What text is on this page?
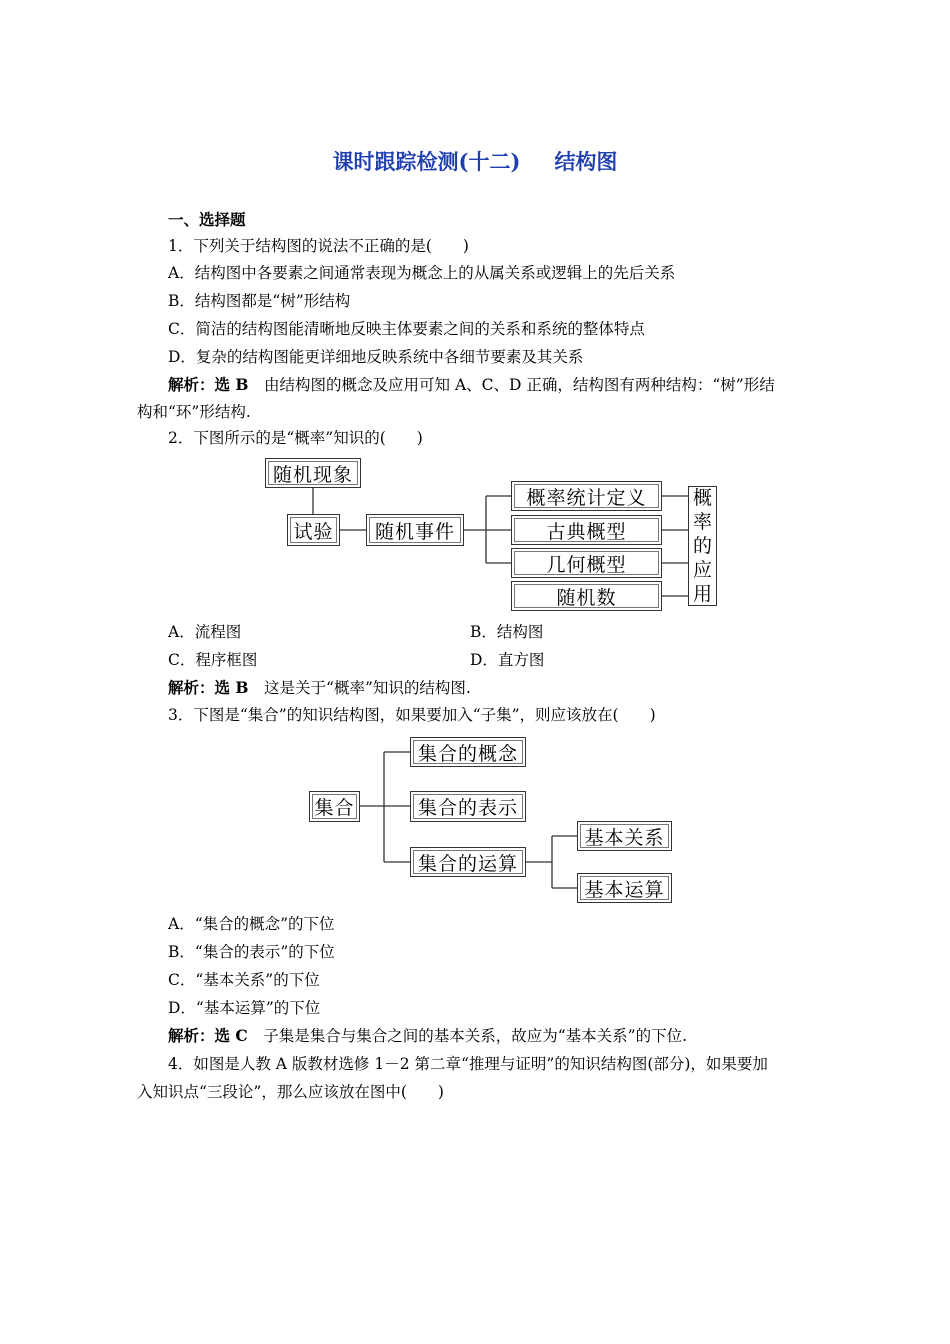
课时跟踪检测(十二) 结构图
一、选择题
1．下列关于结构图的说法不正确的是(　　)
A．结构图中各要素之间通常表现为概念上的从属关系或逻辑上的先后关系
B．结构图都是“树”形结构
C．简洁的结构图能清晰地反映主体要素之间的关系和系统的整体特点
D．复杂的结构图能更详细地反映系统中各细节要素及其关系
解析：选 B　 由结构图的概念及应用可知 A、C、D 正确，结构图有两种结构：“树”形结
构和“环”形结构.
2．下图所示的是“概率”知识的(　　)
随机现象
试验	随机事件
概率统计定义
古典概型
几何概型
随机数
概
率
的
应
用
A．流程图	B．结构图
C．程序框图	D．直方图
解析：选 B　 这是关于“概率”知识的结构图.
3．下图是“集合”的知识结构图，如果要加入“子集”，则应该放在(　　)
集合
集合的概念
集合的表示
集合的运算
基本关系
基本运算
A．“集合的概念”的下位
B．“集合的表示”的下位
C．“基本关系”的下位
D．“基本运算”的下位
解析：选 C　 子集是集合与集合之间的基本关系，故应为“基本关系”的下位.
4．如图是人教 A 版教材选修 1－2 第二章“推理与证明”的知识结构图(部分)，如果要加
入知识点“三段论”，那么应该放在图中(　　)
